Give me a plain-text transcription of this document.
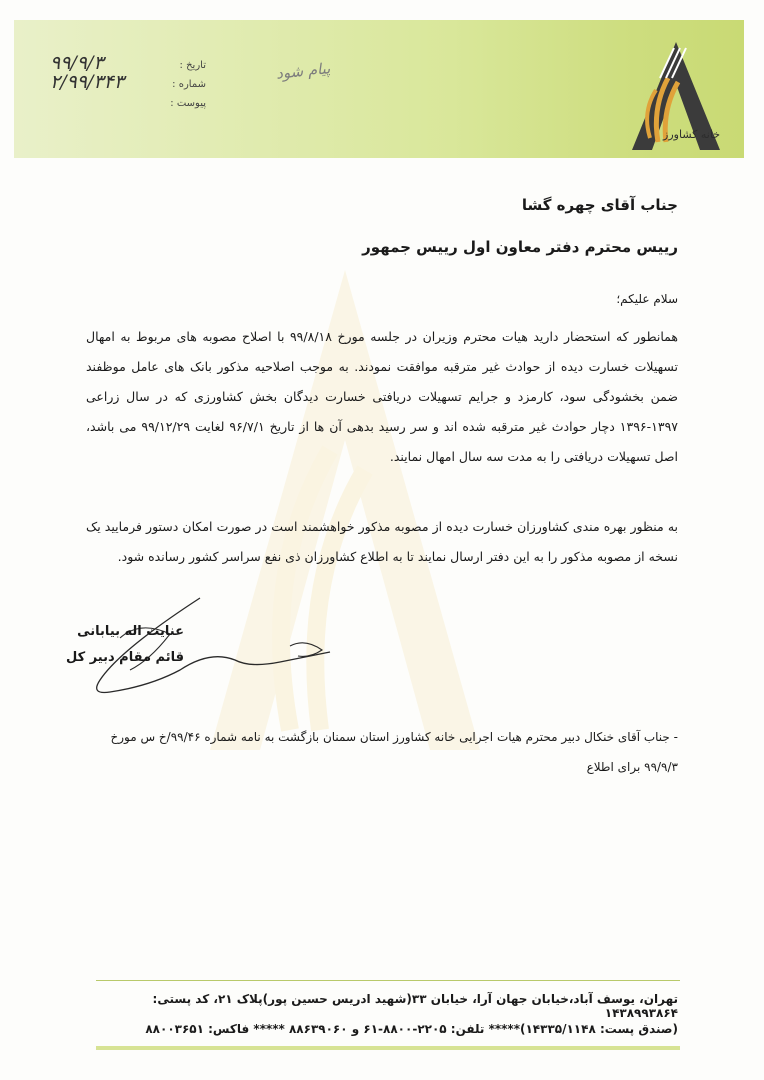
تاریخ :
۹۹/۹/۳
شماره :
۲/۹۹/۳۴۳
پیوست :
پیام شود
خانه کشاورز
جناب آقای چهره گشا
رییس محترم دفتر معاون اول رییس جمهور
سلام علیکم؛
همانطور که استحضار دارید هیات محترم وزیران در جلسه مورخ ۹۹/۸/۱۸ با اصلاح مصوبه های مربوط به امهال تسهیلات خسارت دیده از حوادث غیر مترقبه موافقت نمودند. به موجب اصلاحیه مذکور بانک های عامل موظفند ضمن بخشودگی سود، کارمزد و جرایم تسهیلات دریافتی خسارت دیدگان بخش کشاورزی که در سال زراعی ۱۳۹۷-۱۳۹۶ دچار حوادث غیر مترقبه شده اند و سر رسید بدهی آن ها از تاریخ ۹۶/۷/۱ لغایت ۹۹/۱۲/۲۹ می باشد، اصل تسهیلات دریافتی را به مدت سه سال امهال نمایند.
به منظور بهره مندی کشاورزان خسارت دیده از مصوبه مذکور خواهشمند است در صورت امکان دستور فرمایید یک نسخه از مصوبه مذکور را به این دفتر ارسال نمایند تا به اطلاع کشاورزان ذی نفع سراسر کشور رسانده شود.
عنایت اله بیابانی
قائم مقام دبیر کل
- جناب آقای خنکال دبیر محترم هیات اجرایی خانه کشاورز استان سمنان بازگشت به نامه شماره ۹۹/۴۶/خ س مورخ
۹۹/۹/۳ برای اطلاع
تهران، یوسف آباد،خیابان جهان آرا، خیابان ۳۳(شهید ادریس حسین پور)پلاک ۲۱، کد پستی: ۱۴۳۸۹۹۳۸۶۴
(صندق پست: ۱۴۳۳۵/۱۱۴۸)***** تلفن: ۲۲۰۵-۸۸۰۰-۶۱ و ۸۸۶۳۹۰۶۰ ***** فاکس: ۸۸۰۰۳۶۵۱
